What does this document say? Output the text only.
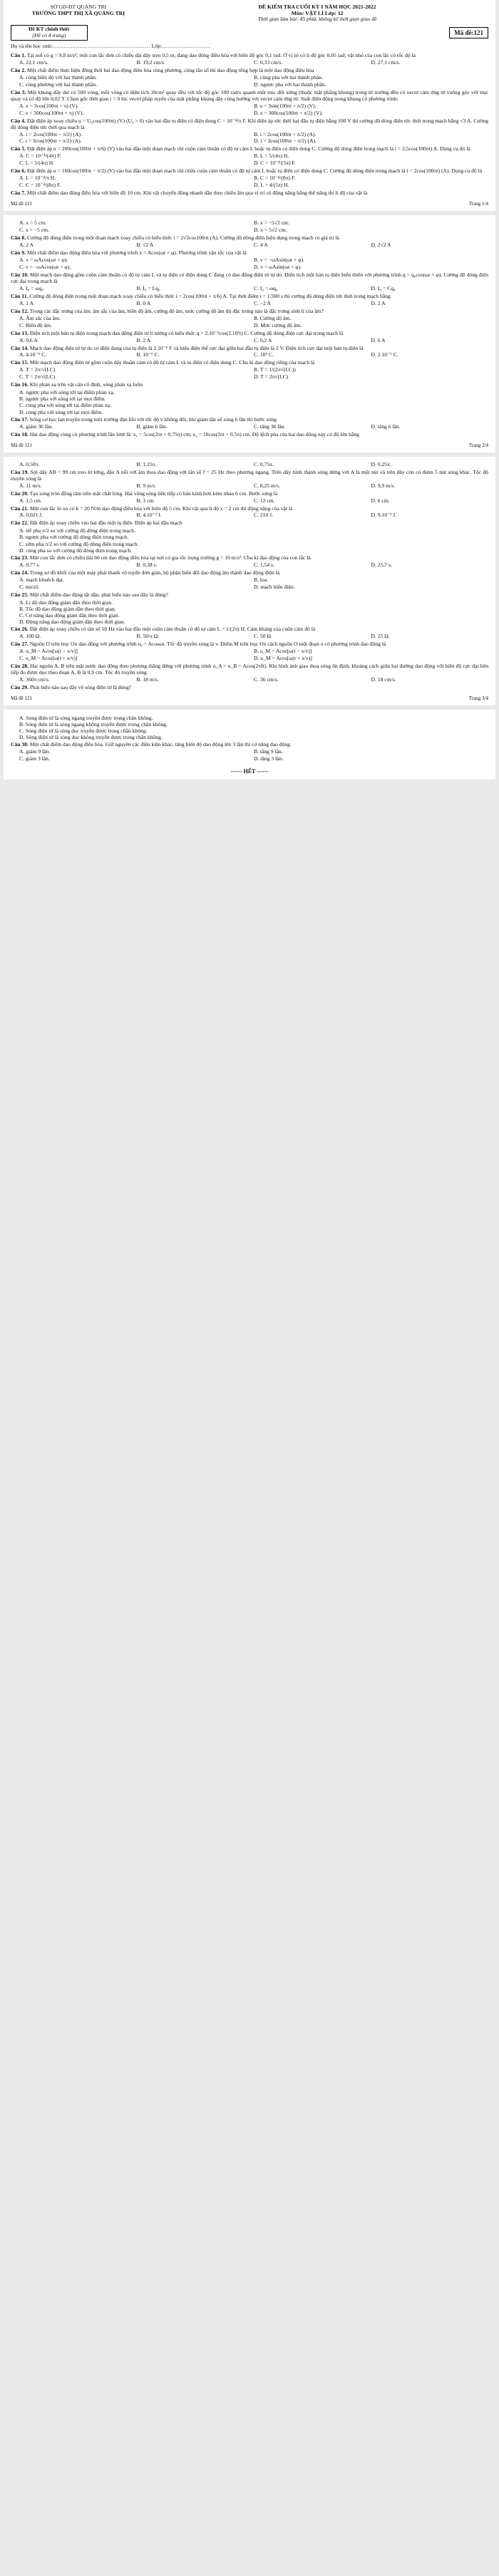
SỞ GD-ĐT QUẢNG TRỊ
TRƯỜNG THPT THỊ XÃ QUẢNG TRỊ
ĐỀ KIỂM TRA CUỐI KỲ I NĂM HỌC 2021-2022
Môn: VẬT LÍ Lớp: 12
Thời gian làm bài: 45 phút, không kể thời gian giao đề
Đề KT chính thức
(Đề có 4 trang)	Mã đề:121
Họ và tên học sinh:……………………………………………… Lớp:………………………
Câu 1. Tại nơi có g = 9,8 m/s²; một con lắc đơn có chiều dài dây treo 0,5 m; đang dao động điều hòa với biên độ góc 0,1 rad. Ở vị trí có li độ góc 0,05 rad; vật nhỏ của con lắc có tốc độ là
A. 22,1 cm/s.	B. 19,2 cm/s.	C. 0,33 cm/s.	D. 27,1 cm/s.
Câu 2. Một chất điểm thực hiện đồng thời hai dao động điều hòa cùng phương, cùng tần số thì dao động tổng hợp là một dao động điều hòa
A. cùng biên độ với hai thành phần.	B. cùng pha với hai thành phần.
C. cùng phương với hai thành phần.	D. ngược pha với hai thành phần.
Câu 3. Một khung dây dẹt có 500 vòng, mỗi vòng có diện tích 30cm² quay đều với tốc độ góc 100 rad/s quanh một trục đối xứng (thuộc mặt phẳng khung) trong từ trường đều có vectơ cảm ứng từ vuông góc với trục quay và có độ lớn 0,02 T. Chọn gốc thời gian t = 0 lúc vectơ pháp tuyến của mặt phẳng khung dây cùng hướng với vectơ cảm ứng từ. Suất điện động trong khung có phương trình:
A. e = 3cos(100πt + π) (V).	B. e = 3sin(100πt + π/2) (V).
C. e = 300cos(100πt + π) (V).	D. e = 300cos(100πt + π/2) (V).
Câu 4. Đặt điện áp xoay chiều u = U₀cos(100πt) (V) (U₀ > 0) vào hai đầu tụ điện có điện dung C = 10⁻⁴/π F. Khi điện áp tức thời hai đầu tụ điện bằng 100 V thì cường độ dòng điện tức thời trong mạch bằng √3 A. Cường độ dòng điện tức thời qua mạch là
A. i = 2cos(100πt − π/2) (A).	B. i = 2cos(100πt + π/2) (A).
C. i = 3cos(100πt + π/2) (A).	D. i = 3cos(100πt − π/2) (A).
Câu 5. Đặt điện áp u = 200cos(100πt + π/6) (V) vào hai đầu một đoạn mạch chỉ cuộn cảm thuần có độ tự cảm L hoặc tụ điện có điện dung C. Cường độ dòng điện trong mạch là i = 2,5cos(100πt) A. Dụng cụ đó là
A. C = 10⁻⁴/(4π) F.	B. L = 5/(4π) H.
C. L = 5/(4π) H.	D. C = 10⁻⁴/(5π) F.
Câu 6. Đặt điện áp u = 160cos(100πt − π/2) (V) vào hai đầu một đoạn mạch chỉ chứa cuộn cảm thuần có độ tự cảm L hoặc tụ điện có điện dung C. Cường độ dòng điện trong mạch là i = 2cos(100πt) (A). Dụng cụ đó là
A. L = 10⁻⁴/π H.	B. C = 10⁻⁴/(8π) F.
C. C = 10⁻⁴/(8π) F.	D. L = 4/(5π) H.
Câu 7. Một chất điểm dao động điều hòa với biên độ 10 cm. Khi vật chuyển động nhanh dần theo chiều âm qua vị trí có động năng bằng thế năng thì li độ của vật là
Mã đề 121	Trang 1/4
A. x = 5 cm.	B. x = −5√2 cm.
C. x = −5 cm.	D. x = 5√2 cm.
Câu 8. Cường độ dòng điện trong một đoạn mạch xoay chiều có biểu thức i = 2√2cos100πt (A). Cường độ dòng điện hiệu dụng trong mạch có giá trị là
A. 2 A	B. √2 A	C. 4 A	D. 2√2 A
Câu 9. Một chất điểm dao động điều hòa với phương trình x = Acos(ωt + φ). Phương trình vận tốc của vật là
A. v = ωAcos(ωt + φ).	B. v = −ωAsin(ωt + φ).
C. v = −ωAcos(ωt + φ).	D. v = ωAsin(ωt + φ).
Câu 10. Một mạch dao động gồm cuộn cảm thuần có độ tự cảm L và tụ điện có điện dung C đang có dao động điện từ tự do. Điện tích một bản tụ điện biến thiên với phương trình q = q₀cos(ωt + φ). Cường độ dòng điện cực đại trong mạch là
A. I₀ = ωq₀	B. I₀ = Lq₀	C. I₀ = ωq₀	D. I₀ = Cq₀
Câu 11. Cường độ dòng điện trong một đoạn mạch xoay chiều có biểu thức i = 2cos(100πt + π/6) A. Tại thời điểm t = 1/300 s thì cường độ dòng điện tức thời trong mạch bằng
A. 1 A	B. 0 A	C. −2 A	D. 2 A
Câu 12. Trong các đặc trưng của âm: âm sắc của âm, biên độ âm, cường độ âm, mức cường độ âm thì đặc trưng nào là đặc trưng sinh lí của âm?
A. Âm sắc của âm.	B. Cường độ âm.
C. Biên độ âm.	D. Mức cường độ âm.
Câu 13. Điện tích một bản tụ điện trong mạch dao động điện từ lí tưởng có biểu thức q = 2.10⁻⁶cos(2.10⁶t) C. Cường độ dòng điện cực đại trong mạch là
A. 0,6 A	B. 2 A	C. 0,2 A	D. 6 A
Câu 14. Mạch dao động điện từ tự do có điện dung của tụ điện là 2.10⁻⁶ F và hiệu điện thế cực đại giữa hai đầu tụ điện là 2 V. Điện tích cực đại một bản tụ điện là
A. 4.10⁻⁶ C.	B. 10⁻⁶ C.	C. 10⁶ C.	D. 2.10⁻⁶ C.
Câu 15. Một mạch dao động điện từ gồm cuộn dây thuần cảm có độ tự cảm L và tụ điện có điện dung C. Chu kì dao động riêng của mạch là
A. T = 2π/√(LC)	B. T = 1/(2π√(LC))
C. T = 2π/√(LC)	D. T = 2π√(LC)
Câu 16. Khi phản xạ trên vật cản cố định, sóng phản xạ luôn
A. ngược pha với sóng tới tại điểm phản xạ.
B. ngược pha với sóng tới tại mọi điểm.
C. cùng pha với sóng tới tại điểm phản xạ.
D. cùng pha với sóng tới tại mọi điểm.
Câu 17. Sóng cơ học lan truyền trong môi trường đàn hồi với tốc độ v không đổi, khi giảm tần số sóng 6 lần thì bước sóng
A. giảm 36 lần.	B. giảm 6 lần.	C. tăng 36 lần.	D. tăng 6 lần.
Câu 18. Hai dao động cùng có phương trình lần lượt là: x₁ = 5cos(2πt + 0,75π) cm; x₂ = 10cos(2πt + 0,5π) cm. Độ lệch pha của hai dao động này có độ lớn bằng
Mã đề 121	Trang 2/4
A. 0,50π.	B. 1,25π.	C. 0,75π.	D. 0,25π.
Câu 19. Sợi dây AB = 99 cm treo lơ lửng, đầu A nối với âm thoa dao động với tần số f = 25 Hz theo phương ngang. Trên dây hình thành sóng dừng với A là một nút và trên dây còn có thêm 5 nút sóng khác. Tốc độ truyền sóng là
A. 11 m/s.	B. 9 m/s.	C. 8,25 m/s.	D. 9,9 m/s.
Câu 20. Tạo sóng tròn đồng tâm trên mặt chất lỏng. Hai vòng sóng liên tiếp có bán kính hơn kém nhau 6 cm. Bước sóng là
A. 1,5 cm.	B. 3 cm.	C. 12 cm.	D. 6 cm.
Câu 21. Một con lắc lò xo có k = 20 N/m dao động điều hòa với biên độ 5 cm. Khi vật qua li độ x = 2 cm thì động năng của vật là
A. 0,021 J.	B. 4.10⁻³ J.	C. 210 J.	D. 9.10⁻³ J.
Câu 22. Đặt điện áp xoay chiều vào hai đầu một tụ điện. Điện áp hai đầu mạch
A. trễ pha π/2 so với cường độ dòng điện trong mạch.
B. ngược pha với cường độ dòng điện trong mạch.
C. sớm pha π/2 so với cường độ dòng điện trong mạch.
D. cùng pha so với cường độ dòng điện trong mạch.
Câu 23. Một con lắc đơn có chiều dài 60 cm dao động điều hòa tại nơi có gia tốc trọng trường g = 10 m/s². Chu kì dao động của con lắc là
A. 0,77 s.	B. 0,38 s.	C. 1,54 s.	D. 25,7 s.
Câu 24. Trong sơ đồ khối của một máy phát thanh vô tuyến đơn giản, bộ phận biến đổi dao động âm thành dao động điện là
A. mạch khuếch đại.	B. loa.
C. micrô.	D. mạch biến điệu.
Câu 25. Một chất điểm dao động tắt dần, phát biểu nào sau đây là đúng?
A. Li độ dao động giảm dần theo thời gian.
B. Tốc độ dao động giảm dần theo thời gian.
C. Cơ năng dao động giảm dần theo thời gian.
D. Động năng dao động giảm dần theo thời gian.
Câu 26. Đặt điện áp xoay chiều có tần số 50 Hz vào hai đầu một cuộn cảm thuần có độ tự cảm L = 1/(2π) H. Cảm kháng của cuộn cảm đó là
A. 100 Ω.	B. 50/π Ω.	C. 50 Ω.	D. 25 Ω.
Câu 27. Nguồn O trên trục Ox dao động với phương trình u₀ = Acosωt. Tốc độ truyền sóng là v. Điểm M trên trục Ox cách nguồn O một đoạn x có phương trình dao động là
A. u_M = Acos[ω(t − x/v)]	B. u_M = Acos[ω(t − x/v)]
C. u_M = Acos[ω(t + x/v)]	D. u_M = Acos[ω(t + x/v)]
Câu 28. Hai nguồn A, B trên mặt nước dao động theo phương thẳng đứng với phương trình u_A = u_B = Acos(2πft). Khi hình ảnh giao thoa sóng ổn định, khoảng cách giữa hai đường dao động với biên độ cực đại liên tiếp đo được dọc theo đoạn A, B là 0,9 cm. Tốc độ truyền sóng
A. 360π cm/s.	B. 18 m/s.	C. 36 cm/s.	D. 18 cm/s.
Câu 29. Phát biểu nào sau đây về sóng điện từ là đúng?
Mã đề 121	Trang 3/4
A. Sóng điện từ là sóng ngang truyền được trong chân không.
B. Sóng điện từ là sóng ngang không truyền được trong chân không.
C. Sóng điện từ là sóng dọc truyền được trong chân không.
D. Sóng điện từ là sóng dọc không truyền được trong chân không.
Câu 30. Một chất điểm dao động điều hòa. Giữ nguyên các điều kiện khác, tăng biên độ dao động lên 3 lần thì cơ năng dao động
A. giảm 9 lần.	B. tăng 9 lần.
C. giảm 3 lần.	D. tăng 3 lần.
------ HẾT ------
